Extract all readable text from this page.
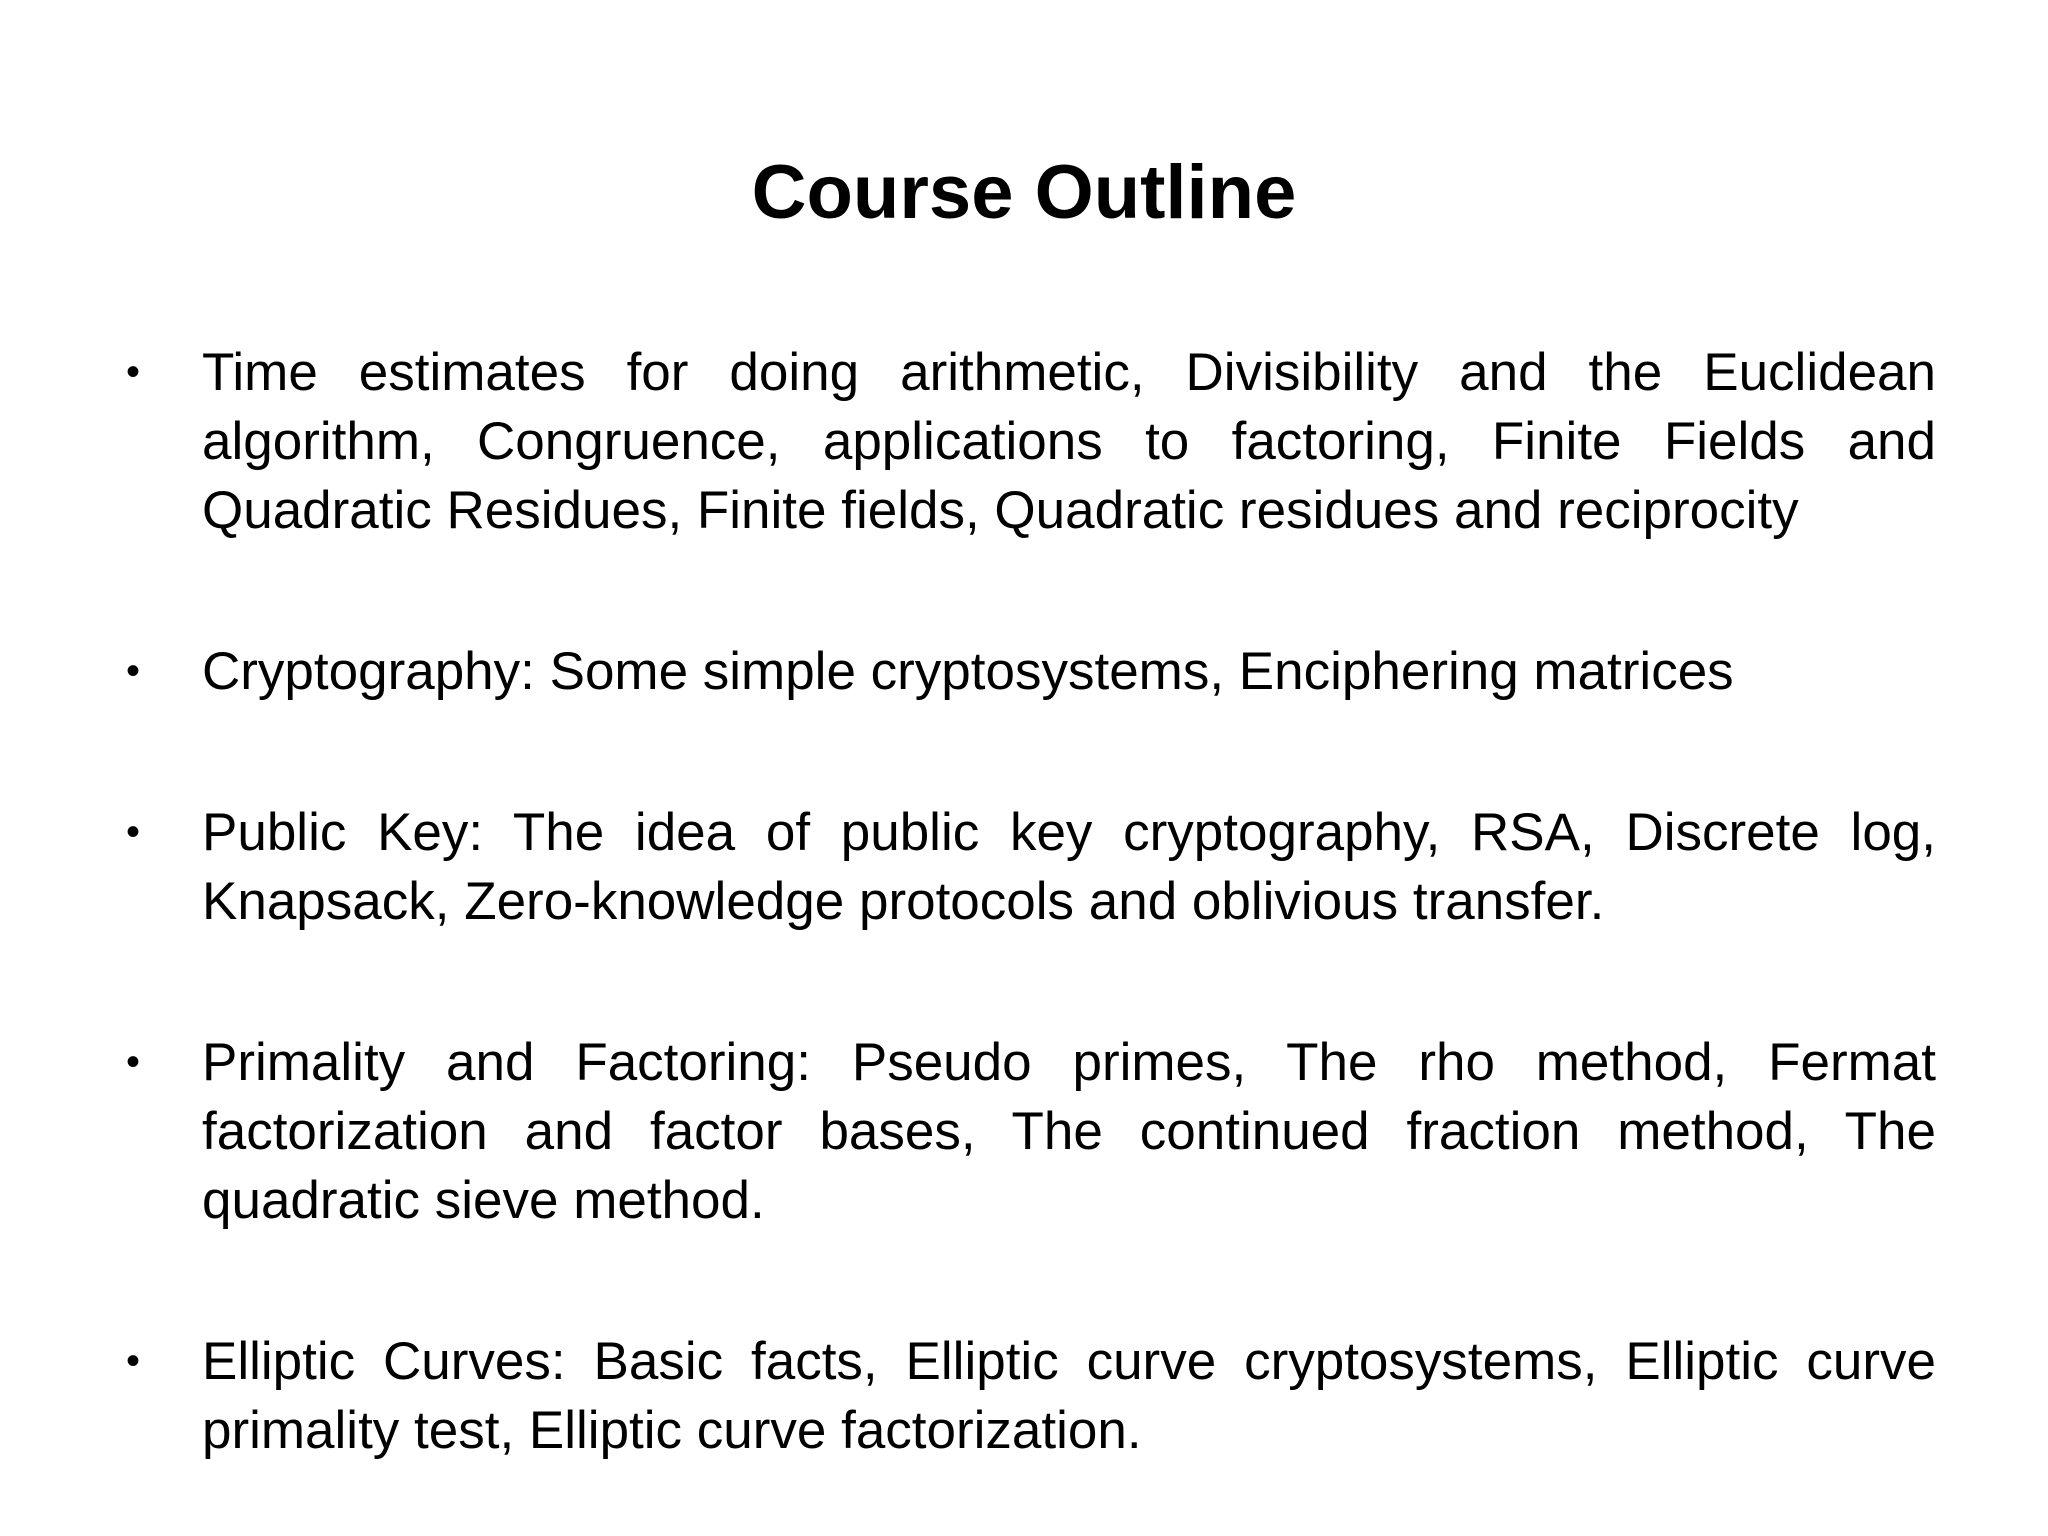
Course Outline
• Time estimates for doing arithmetic, Divisibility and the Euclidean algorithm, Congruence, applications to factoring, Finite Fields and Quadratic Residues, Finite fields, Quadratic residues and reciprocity
• Cryptography: Some simple cryptosystems, Enciphering matrices
• Public Key: The idea of public key cryptography, RSA, Discrete log, Knapsack, Zero-knowledge protocols and oblivious transfer.
• Primality and Factoring: Pseudo primes, The rho method, Fermat factorization and factor bases, The continued fraction method, The quadratic sieve method.
• Elliptic Curves: Basic facts, Elliptic curve cryptosystems, Elliptic curve primality test, Elliptic curve factorization.
